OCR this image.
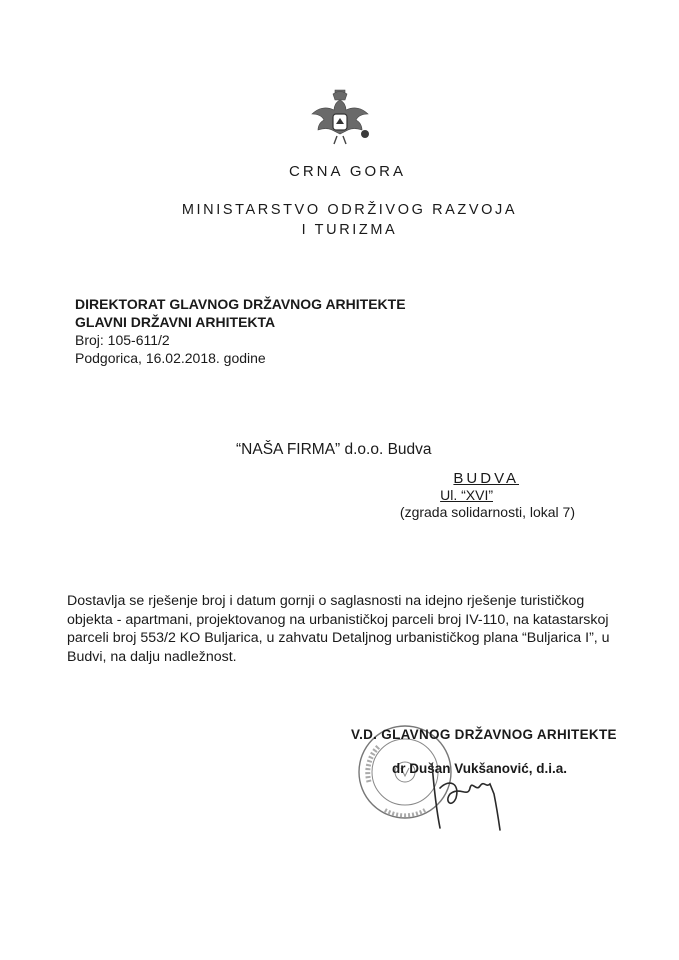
CRNA GORA
MINISTARSTVO ODRŽIVOG RAZVOJA
I TURIZMA
DIREKTORAT GLAVNOG DRŽAVNOG ARHITEKTE
GLAVNI DRŽAVNI ARHITEKTA
Broj: 105-611/2
Podgorica, 16.02.2018. godine
“NAŠA FIRMA” d.o.o. Budva
BUDVA
Ul. “XVI”
(zgrada solidarnosti, lokal 7)
Dostavlja se rješenje broj i datum gornji o saglasnosti na idejno rješenje turističkog objekta - apartmani, projektovanog na urbanističkoj parceli broj IV-110, na katastarskoj parceli broj 553/2 KO Buljarica, u zahvatu Detaljnog urbanističkog plana “Buljarica I”, u Budvi, na dalju nadležnost.
V.D. GLAVNOG DRŽAVNOG ARHITEKTE
dr Dušan Vukšanović, d.i.a.
